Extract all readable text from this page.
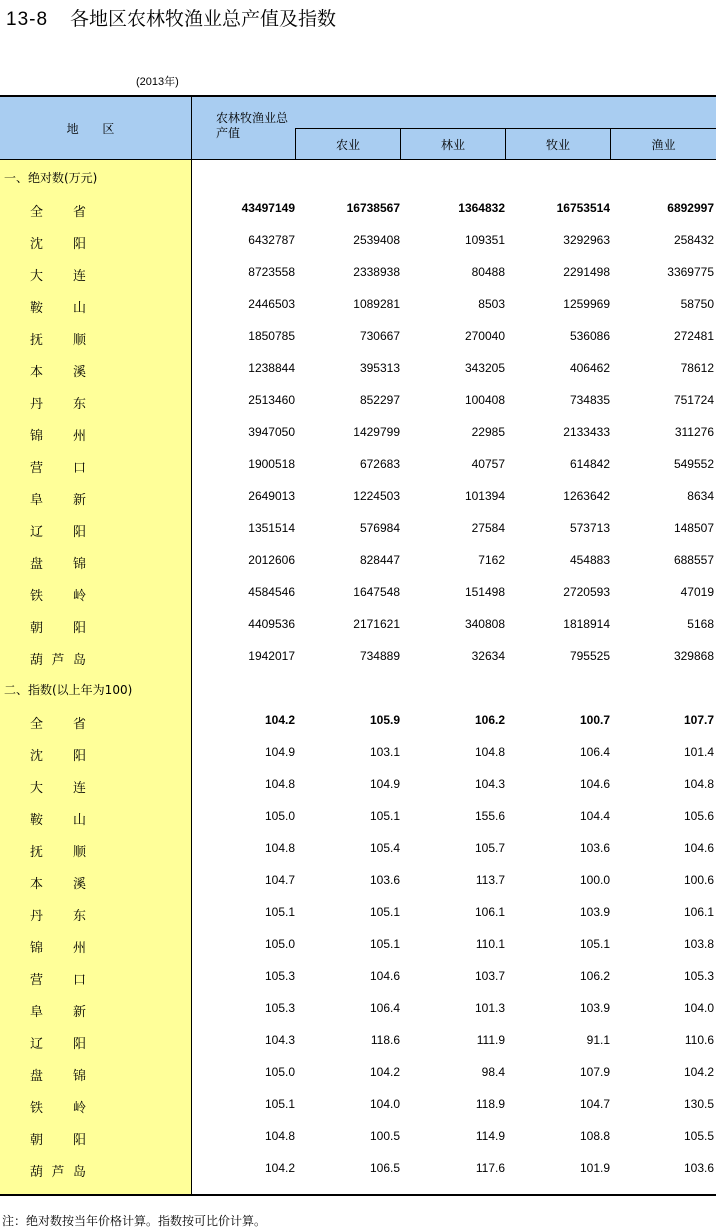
13-8 各地区农林牧渔业总产值及指数
(2013年)
地 区
农林牧渔业总产值
农业	林业	牧业	渔业
一、绝对数(万元)
全 省	43497149	16738567	1364832	16753514	6892997
沈 阳	6432787	2539408	109351	3292963	258432
大 连	8723558	2338938	80488	2291498	3369775
鞍 山	2446503	1089281	8503	1259969	58750
抚 顺	1850785	730667	270040	536086	272481
本 溪	1238844	395313	343205	406462	78612
丹 东	2513460	852297	100408	734835	751724
锦 州	3947050	1429799	22985	2133433	311276
营 口	1900518	672683	40757	614842	549552
阜 新	2649013	1224503	101394	1263642	8634
辽 阳	1351514	576984	27584	573713	148507
盘 锦	2012606	828447	7162	454883	688557
铁 岭	4584546	1647548	151498	2720593	47019
朝 阳	4409536	2171621	340808	1818914	5168
葫 芦 岛	1942017	734889	32634	795525	329868
二、指数(以上年为100)
全 省	104.2	105.9	106.2	100.7	107.7
沈 阳	104.9	103.1	104.8	106.4	101.4
大 连	104.8	104.9	104.3	104.6	104.8
鞍 山	105.0	105.1	155.6	104.4	105.6
抚 顺	104.8	105.4	105.7	103.6	104.6
本 溪	104.7	103.6	113.7	100.0	100.6
丹 东	105.1	105.1	106.1	103.9	106.1
锦 州	105.0	105.1	110.1	105.1	103.8
营 口	105.3	104.6	103.7	106.2	105.3
阜 新	105.3	106.4	101.3	103.9	104.0
辽 阳	104.3	118.6	111.9	91.1	110.6
盘 锦	105.0	104.2	98.4	107.9	104.2
铁 岭	105.1	104.0	118.9	104.7	130.5
朝 阳	104.8	100.5	114.9	108.8	105.5
葫 芦 岛	104.2	106.5	117.6	101.9	103.6
注：绝对数按当年价格计算。指数按可比价计算。
